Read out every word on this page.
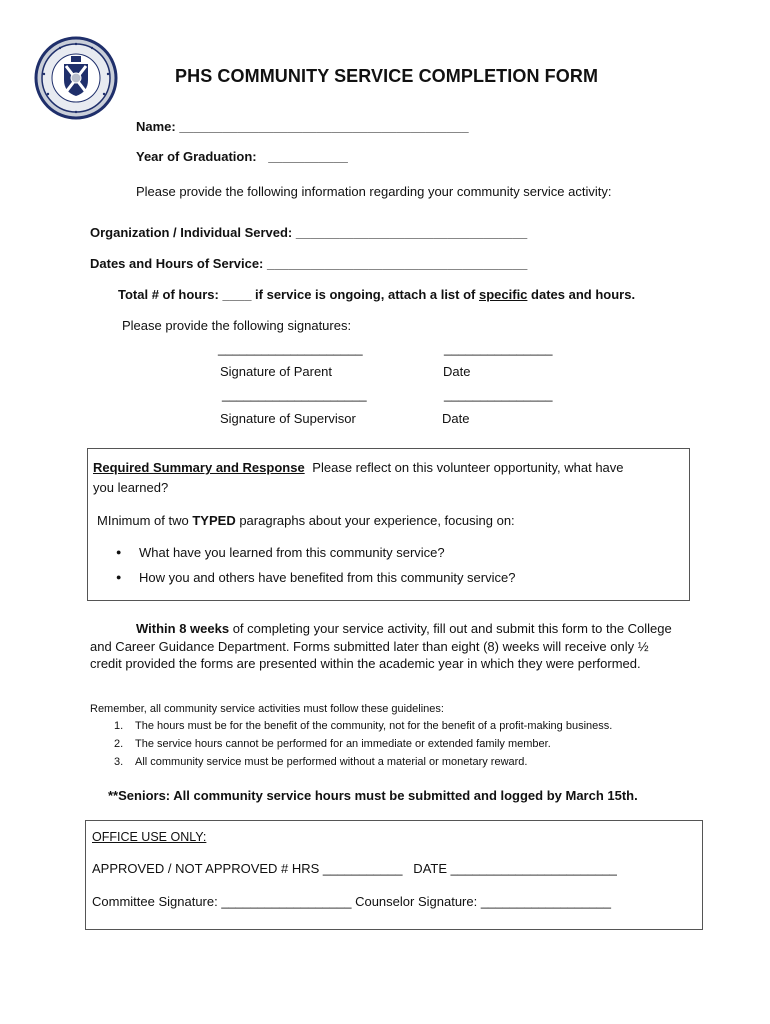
PHS COMMUNITY SERVICE COMPLETION FORM
Name: ________________________________________
Year of Graduation: ___________
Please provide the following information regarding your community service activity:
Organization / Individual Served: ________________________________
Dates and Hours of Service: ____________________________________
Total # of hours: ____ if service is ongoing, attach a list of specific dates and hours.
Please provide the following signatures:
____________________	_______________
Signature of Parent	Date
____________________	_______________
Signature of Supervisor	Date
Required Summary and Response Please reflect on this volunteer opportunity, what have
you learned?
MInimum of two TYPED paragraphs about your experience, focusing on:
● What have you learned from this community service?
● How you and others have benefited from this community service?
Within 8 weeks of completing your service activity, fill out and submit this form to the College and Career Guidance Department. Forms submitted later than eight (8) weeks will receive only ½ credit provided the forms are presented within the academic year in which they were performed.
Remember, all community service activities must follow these guidelines:
1. The hours must be for the benefit of the community, not for the benefit of a profit-making business.
2. The service hours cannot be performed for an immediate or extended family member.
3. All community service must be performed without a material or monetary reward.
**Seniors: All community service hours must be submitted and logged by March 15th.
OFFICE USE ONLY:
APPROVED / NOT APPROVED # HRS ___________   DATE _______________________
Committee Signature: __________________ Counselor Signature: __________________
